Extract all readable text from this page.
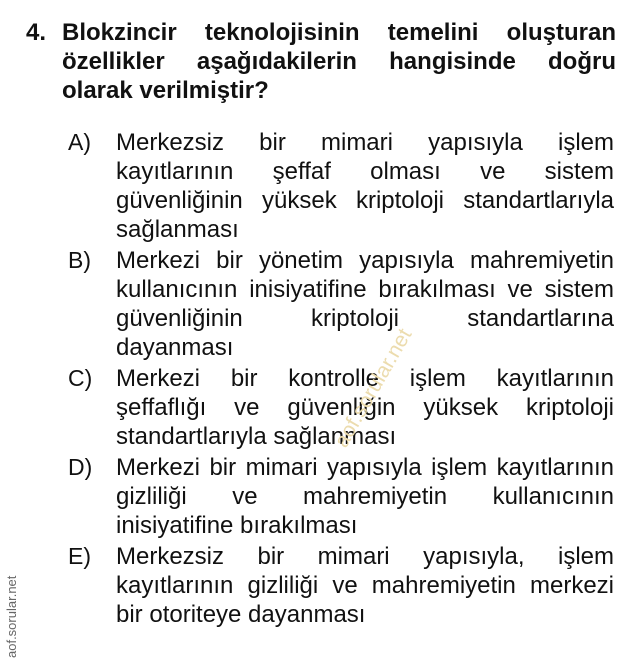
4. Blokzincir teknolojisinin temelini oluşturan özellikler aşağıdakilerin hangisinde doğru olarak verilmiştir?
A) Merkezsiz bir mimari yapısıyla işlem kayıtlarının şeffaf olması ve sistem güvenliğinin yüksek kriptoloji standartlarıyla sağlanması
B) Merkezi bir yönetim yapısıyla mahremiyetin kullanıcının inisiyatifine bırakılması ve sistem güvenliğinin kriptoloji standartlarına dayanması
C) Merkezi bir kontrolle işlem kayıtlarının şeffaflığı ve güvenliğin yüksek kriptoloji standartlarıyla sağlanması
D) Merkezi bir mimari yapısıyla işlem kayıtlarının gizliliği ve mahremiyetin kullanıcının inisiyatifine bırakılması
E) Merkezsiz bir mimari yapısıyla, işlem kayıtlarının gizliliği ve mahremiyetin merkezi bir otoriteye dayanması
aof.sorular.net
aof.sorular.net
